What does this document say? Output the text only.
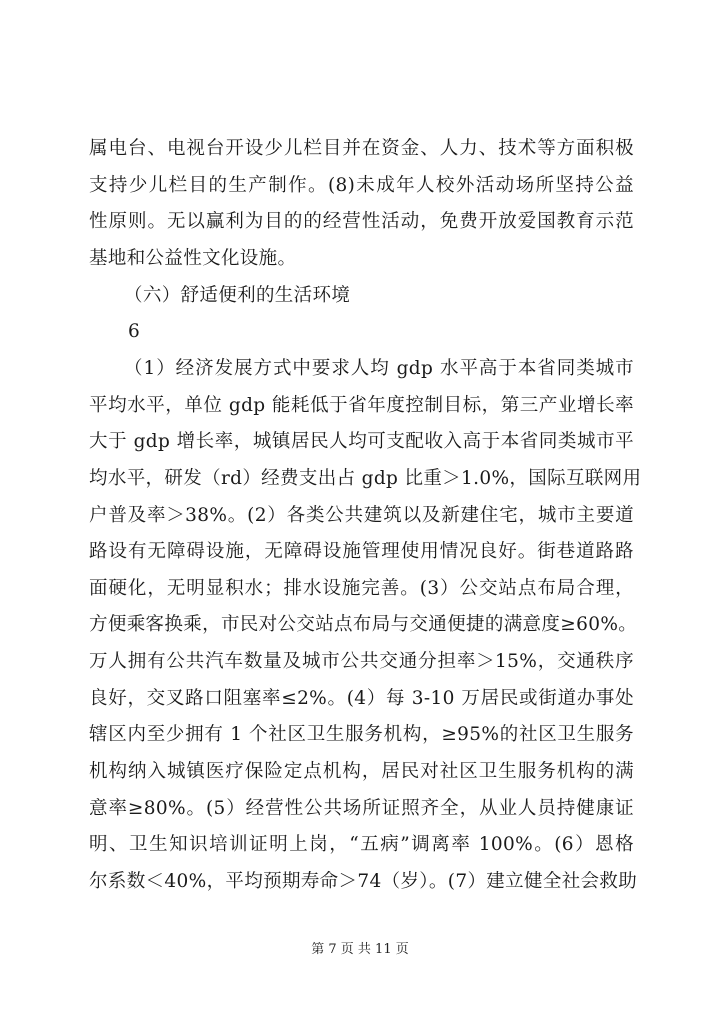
属电台、电视台开设少儿栏目并在资金、人力、技术等方面积极
支持少儿栏目的生产制作。(8)未成年人校外活动场所坚持公益
性原则。无以赢利为目的的经营性活动，免费开放爱国教育示范
基地和公益性文化设施。
（六）舒适便利的生活环境
6
（1）经济发展方式中要求人均 gdp 水平高于本省同类城市
平均水平，单位 gdp 能耗低于省年度控制目标，第三产业增长率
大于 gdp 增长率，城镇居民人均可支配收入高于本省同类城市平
均水平，研发（rd）经费支出占 gdp 比重＞1.0%，国际互联网用
户普及率＞38%。(2）各类公共建筑以及新建住宅，城市主要道
路设有无障碍设施，无障碍设施管理使用情况良好。街巷道路路
面硬化，无明显积水；排水设施完善。(3）公交站点布局合理，
方便乘客换乘，市民对公交站点布局与交通便捷的满意度≥60%。
万人拥有公共汽车数量及城市公共交通分担率＞15%，交通秩序
良好，交叉路口阻塞率≤2%。(4）每 3-10 万居民或街道办事处
辖区内至少拥有 1 个社区卫生服务机构，≥95%的社区卫生服务
机构纳入城镇医疗保险定点机构，居民对社区卫生服务机构的满
意率≥80%。(5）经营性公共场所证照齐全，从业人员持健康证
明、卫生知识培训证明上岗，“五病”调离率 100%。(6）恩格
尔系数＜40%，平均预期寿命＞74（岁）。(7）建立健全社会救助
第 7 页 共 11 页
